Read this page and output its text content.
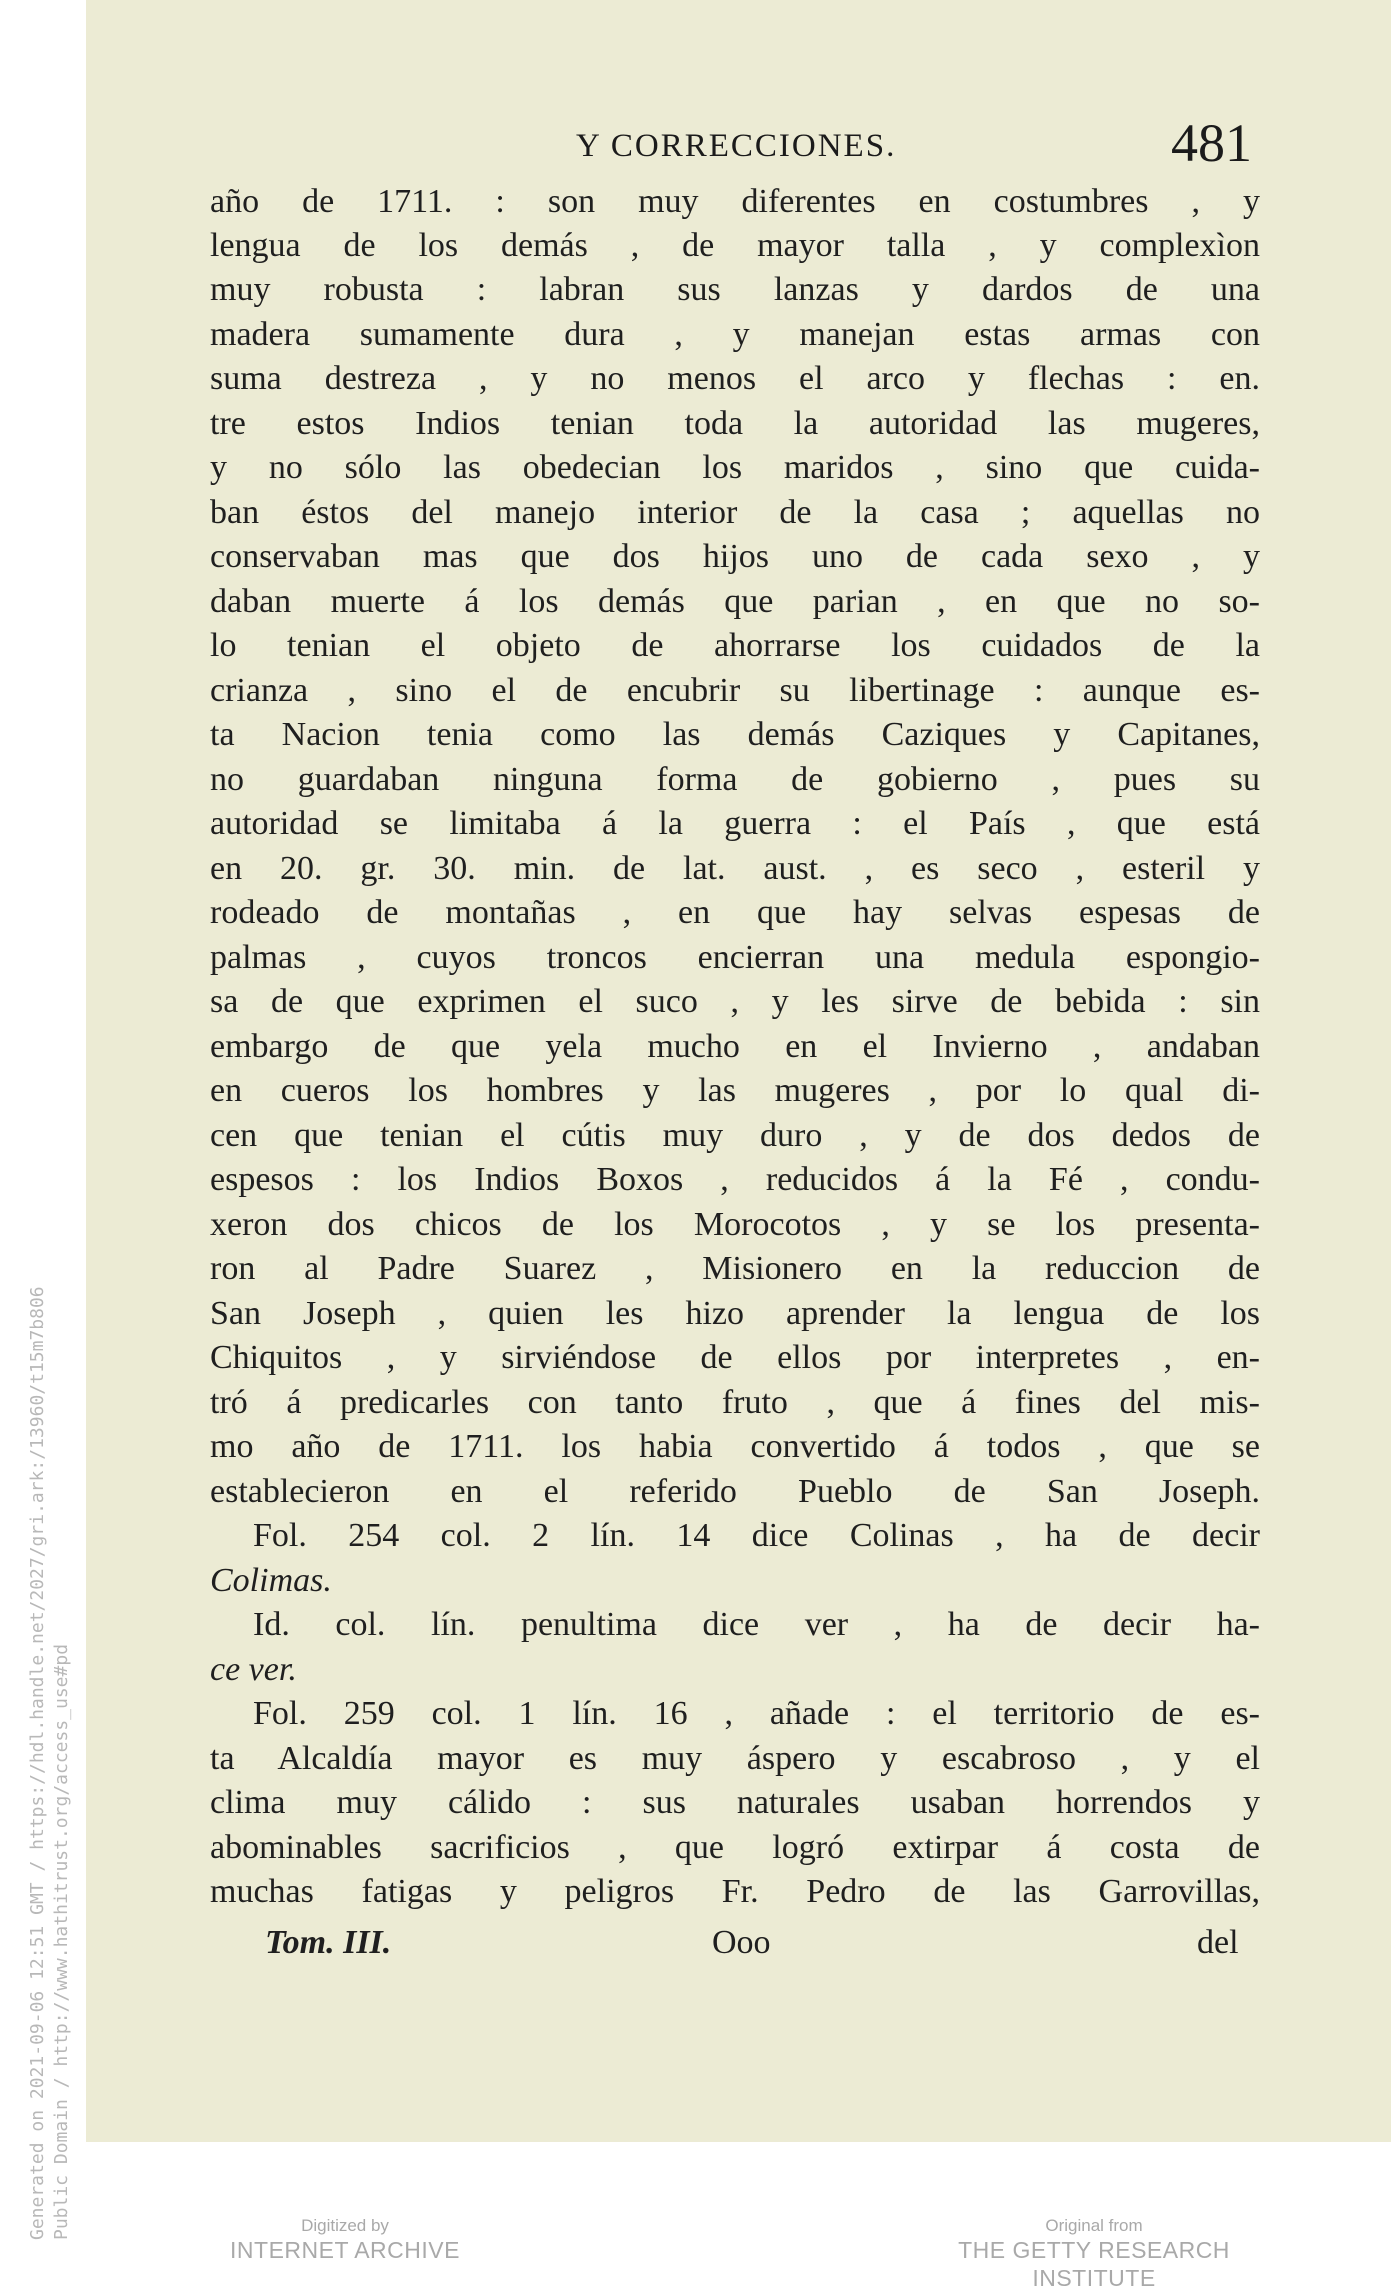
Y CORRECCIONES.	481
año de 1711. : son muy diferentes en costumbres , y
lengua de los demás , de mayor talla , y complexìon
muy robusta : labran sus lanzas y dardos de una
madera sumamente dura , y manejan estas armas con
suma destreza , y no menos el arco y flechas : en.
tre estos Indios tenian toda la autoridad las mugeres,
y no sólo las obedecian los maridos , sino que cuida-
ban éstos del manejo interior de la casa ; aquellas no
conservaban mas que dos hijos uno de cada sexo , y
daban muerte á los demás que parian , en que no so-
lo tenian el objeto de ahorrarse los cuidados de la
crianza , sino el de encubrir su libertinage : aunque es-
ta Nacion tenia como las demás Caziques y Capitanes,
no guardaban ninguna forma de gobierno , pues su
autoridad se limitaba á la guerra : el País , que está
en 20. gr. 30. min. de lat. aust. , es seco , esteril y
rodeado de montañas , en que hay selvas espesas de
palmas , cuyos troncos encierran una medula espongio-
sa de que exprimen el suco , y les sirve de bebida : sin
embargo de que yela mucho en el Invierno , andaban
en cueros los hombres y las mugeres , por lo qual di-
cen que tenian el cútis muy duro , y de dos dedos de
espesos : los Indios Boxos , reducidos á la Fé , condu-
xeron dos chicos de los Morocotos , y se los presenta-
ron al Padre Suarez , Misionero en la reduccion de
San Joseph , quien les hizo aprender la lengua de los
Chiquitos , y sirviéndose de ellos por interpretes , en-
tró á predicarles con tanto fruto , que á fines del mis-
mo año de 1711. los habia convertido á todos , que se
establecieron en el referido Pueblo de San Joseph.
Fol. 254 col. 2 lín. 14 dice Colinas , ha de decir
Colimas.
Id. col. lín. penultima dice ver , ha de decir ha-
ce ver.
Fol. 259 col. 1 lín. 16 , añade : el territorio de es-
ta Alcaldía mayor es muy áspero y escabroso , y el
clima muy cálido : sus naturales usaban horrendos y
abominables sacrificios , que logró extirpar á costa de
muchas fatigas y peligros Fr. Pedro de las Garrovillas,
Tom. III.	Ooo	del
Generated on 2021-09-06 12:51 GMT / https://hdl.handle.net/2027/gri.ark:/13960/t15m7b806 Public Domain / http://www.hathitrust.org/access_use#pd	Digitized by
INTERNET ARCHIVE
Original from
THE GETTY RESEARCH INSTITUTE
